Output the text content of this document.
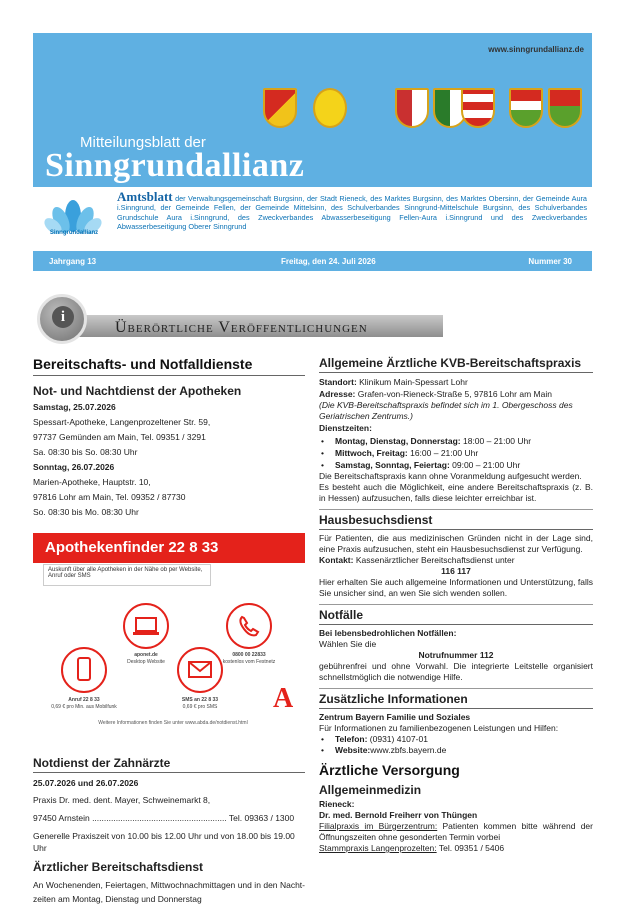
www.sinngrundallianz.de
Mitteilungsblatt der
Sinngrundallianz
Sinngrundallianz
Amtsblatt der Verwaltungsgemeinschaft Burgsinn, der Stadt Rieneck, des Marktes Burgsinn, des Marktes Obersinn, der Gemeinde Aura i.Sinngrund, der Gemeinde Fellen, der Gemeinde Mittelsinn, des Schulverbandes Sinngrund-Mittelschule Burgsinn, des Schulverbandes Grundschule Aura i.Sinngrund, des Zweckverbandes Abwasserbeseitigung Fellen-Aura i.Sinngrund und des Zweckverbandes Abwasserbeseitigung Oberer Sinngrund
Jahrgang 13	Freitag, den 24. Juli 2026	Nummer 30
i
Überörtliche Veröffentlichungen
Bereitschafts- und Notfalldienste
Not- und Nachtdienst der Apotheken
Samstag, 25.07.2026
Spessart-Apotheke, Langenprozeltener Str. 59,
97737 Gemünden am Main, Tel. 09351 / 3291
Sa. 08:30 bis So. 08:30 Uhr
Sonntag, 26.07.2026
Marien-Apotheke, Hauptstr. 10,
97816 Lohr am Main, Tel. 09352 / 87730
So. 08:30 bis Mo. 08:30 Uhr
Apothekenfinder 22 8 33
Auskunft über alle Apotheken in der Nähe ob per Website, Anruf oder SMS
aponet.de
Desktop Website
0800 00 22833
kostenlos vom Festnetz
Anruf 22 8 33
0,69 € pro Min. aus Mobilfunk
SMS an 22 8 33
0,69 € pro SMS	A
Weitere Informationen finden Sie unter www.abda.de/notdienst.html
Notdienst der Zahnärzte
25.07.2026 und 26.07.2026
Praxis Dr. med. dent. Mayer, Schweinemarkt 8,
97450 Arnstein ......................................................... Tel. 09363 / 1300
Generelle Praxiszeit von 10.00 bis 12.00 Uhr und von 18.00 bis 19.00 Uhr
Ärztlicher Bereitschaftsdienst
An Wochenenden, Feiertagen, Mittwochnachmittagen und in den Nacht-zeiten am Montag, Dienstag und Donnerstag
Allgemeine Ärztliche KVB-Bereitschaftspraxis
Standort: Klinikum Main-Spessart Lohr
Adresse: Grafen-von-Rieneck-Straße 5, 97816 Lohr am Main
(Die KVB-Bereitschaftspraxis befindet sich im 1. Obergeschoss des Geriatrischen Zentrums.)
Dienstzeiten:
• Montag, Dienstag, Donnerstag: 18:00 – 21:00 Uhr
• Mittwoch, Freitag: 16:00 – 21:00 Uhr
• Samstag, Sonntag, Feiertag: 09:00 – 21:00 Uhr
Die Bereitschaftspraxis kann ohne Voranmeldung aufgesucht werden.
Es besteht auch die Möglichkeit, eine andere Bereitschaftspraxis (z. B. in Hessen) aufzusuchen, falls diese leichter erreichbar ist.
Hausbesuchsdienst
Für Patienten, die aus medizinischen Gründen nicht in der Lage sind, eine Praxis aufzusuchen, steht ein Hausbesuchsdienst zur Verfügung.
Kontakt: Kassenärztlicher Bereitschaftsdienst unter
116 117
Hier erhalten Sie auch allgemeine Informationen und Unterstützung, falls Sie unsicher sind, an wen Sie sich wenden sollen.
Notfälle
Bei lebensbedrohlichen Notfällen:
Wählen Sie die
Notrufnummer 112
gebührenfrei und ohne Vorwahl. Die integrierte Leitstelle organisiert schnellstmöglich die notwendige Hilfe.
Zusätzliche Informationen
Zentrum Bayern Familie und Soziales
Für Informationen zu familienbezogenen Leistungen und Hilfen:
• Telefon: (0931) 4107-01
• Website:www.zbfs.bayern.de
Ärztliche Versorgung
Allgemeinmedizin
Rieneck:
Dr. med. Bernold Freiherr von Thüngen
Filialpraxis im Bürgerzentrum: Patienten kommen bitte während der Öffnungszeiten ohne gesonderten Termin vorbei
Stammpraxis Langenprozelten: Tel. 09351 / 5406
